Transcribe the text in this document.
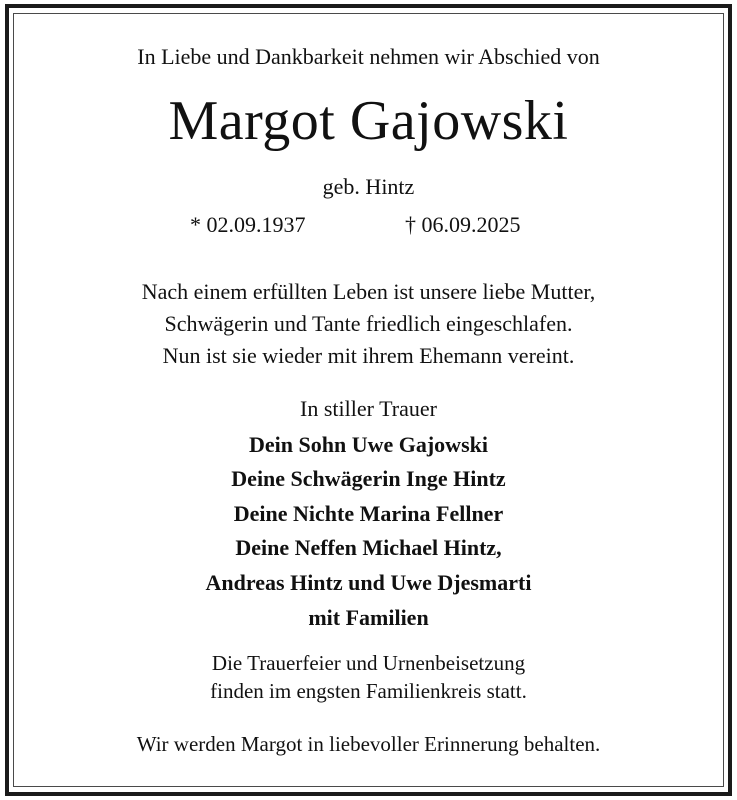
In Liebe und Dankbarkeit nehmen wir Abschied von
Margot Gajowski
geb. Hintz
* 02.09.1937	† 06.09.2025
Nach einem erfüllten Leben ist unsere liebe Mutter,
Schwägerin und Tante friedlich eingeschlafen.
Nun ist sie wieder mit ihrem Ehemann vereint.
In stiller Trauer
Dein Sohn Uwe Gajowski
Deine Schwägerin Inge Hintz
Deine Nichte Marina Fellner
Deine Neffen Michael Hintz,
Andreas Hintz und Uwe Djesmarti
mit Familien
Die Trauerfeier und Urnenbeisetzung
finden im engsten Familienkreis statt.
Wir werden Margot in liebevoller Erinnerung behalten.
